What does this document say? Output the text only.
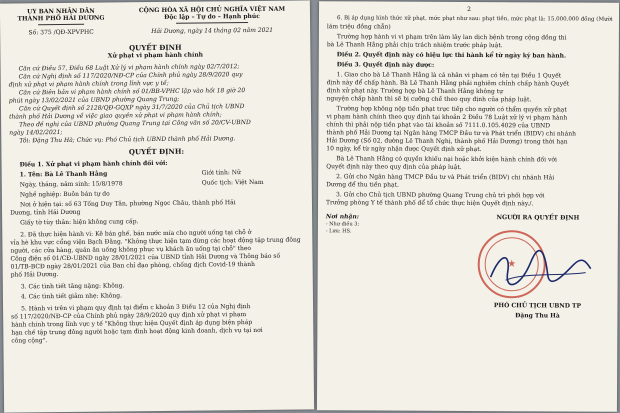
UY BAN NHÂN DÂN
THÀNH PHỐ HẢI DƯƠNG
Số: 375 /QĐ-XPVPHC
CỘNG HÒA XÃ HỘI CHỦ NGHĨA VIỆT NAM
Độc lập – Tự do – Hạnh phúc
Hải Dương, ngày 14 tháng 02 năm 2021
QUYẾT ĐỊNH
Xử phạt vi phạm hành chính
Căn cứ Điều 57, Điều 68 Luật Xử lý vi phạm hành chính ngày 02/7/2012;
Căn cứ Nghị định số 117/2020/NĐ-CP của Chính phủ ngày 28/9/2020 quy
định xử phạt vi phạm hành chính trong lĩnh vực y tế;
Căn cứ Biên bản vi phạm hành chính số 01/BB-VPHC lập vào hồi 18 giờ 20
phút ngày 13/02/2021 của UBND phường Quang Trung;
Căn cứ Quyết định số 2128/QĐ-GQXP ngày 31/7/2020 của Chủ tịch UBND
thành phố Hải Dương về việc giao quyền xử phạt vi phạm hành chính;
Theo đề nghị của UBND phường Quang Trung tại Công văn số 20/CV-UBND
ngày 14/02/2021;
Tôi: Đặng Thu Hà; Chức vụ: Phó Chủ tịch UBND thành phố Hải Dương.
QUYẾT ĐỊNH:
Điều 1. Xử phạt vi phạm hành chính đối với:
1. Tên: Bà Lê Thanh Hằng	Giới tính: Nữ
Ngày, tháng, năm sinh: 15/8/1978	Quốc tịch: Việt Nam
Nghề nghiệp: Buôn bán tự do
Nơi ở hiện tại: số 63 Tống Duy Tân, phường Ngọc Châu, thành phố Hải
Dương, tỉnh Hải Dương
Giấy tờ tùy thân: hiện không cung cấp.
2. Đã thực hiện hành vi: Kê bán ghế, bán nước mía cho người uống tại chỗ ở
vỉa hè khu vực cổng viện Bạch Đằng. "Không thực hiện tạm dừng các hoạt động tập trung đông
người, các cửa hàng, quán ăn uống không phục vụ khách ăn uống tại chỗ" theo
Công điện số 01/CĐ-UBND ngày 28/01/2021 của UBND tỉnh Hải Dương và Thông báo số
01/TB-BCĐ ngày 28/01/2021 của Ban chỉ đạo phòng, chống dịch Covid-19 thành
phố Hải Dương.
3. Các tình tiết tăng nặng: Không.
4. Các tình tiết giảm nhẹ: Không.
5. Hành vi trên vi phạm quy định tại điểm c khoản 3 Điều 12 của Nghị định
số 117/2020/NĐ-CP của Chính phủ ngày 28/9/2020 quy định xử phạt vi phạm
hành chính trong lĩnh vực y tế "Không thực hiện Quyết định áp dụng biện pháp
hạn chế tập trung đông người hoặc tạm đình hoạt động kinh doanh, dịch vụ tại nơi
công cộng".
2
6. Bị áp dụng hình thức xử phạt, mức phạt như sau: phạt tiền, mức phạt là: 15.000.000 đồng (Mười
lăm triệu đồng chẵn)
Trường hợp hành vi vi phạm trên làm lây lan dịch bệnh trong cộng đồng thì
bà Lê Thanh Hằng phải chịu trách nhiệm trước pháp luật.
Điều 2. Quyết định này có hiệu lực thi hành kể từ ngày ký ban hành.
Điều 3. Quyết định này được:
1. Giao cho bà Lê Thanh Hằng là cá nhân vi phạm có tên tại Điều 1 Quyết
định này để chấp hành. Bà Lê Thanh Hằng phải nghiêm chỉnh chấp hành Quyết
định xử phạt này. Trường hợp bà Lê Thanh Hằng không tự
nguyện chấp hành thì sẽ bị cưỡng chế theo quy định của pháp luật.
Trường hợp không nộp tiền phạt trực tiếp cho người có thẩm quyền xử phạt
vi phạm hành chính theo quy định tại khoản 2 Điều 78 Luật xử lý vi phạm hành
chính thì phải nộp tiền phạt vào tài khoản số 7111.0.105.4029 của UBND
thành phố Hải Dương tại Ngân hàng TMCP Đầu tư và Phát triển (BIDV) chi nhánh
Hải Dương (Số 02, đường Lê Thanh Nghị, thành phố Hải Dương) trong thời hạn
10 ngày, kể từ ngày nhận được Quyết định xử phạt.
Bà Lê Thanh Hằng có quyền khiếu nại hoặc khởi kiện hành chính đối với
Quyết định này theo quy định của pháp luật.
2. Gửi cho Ngân hàng TMCP Đầu tư và Phát triển (BIDV) chi nhánh Hải
Dương để thu tiền phạt.
3. Gửi cho Chủ tịch UBND phường Quang Trung chủ trì phối hợp với
Trưởng phòng Y tế thành phố để tổ chức thực hiện Quyết định này./.
Nơi nhận:
- Như điều 3;
- Lưu: HS.
NGƯỜI RA QUYẾT ĐỊNH
★
PHÓ CHỦ TỊCH UBND TP
Đặng Thu Hà
